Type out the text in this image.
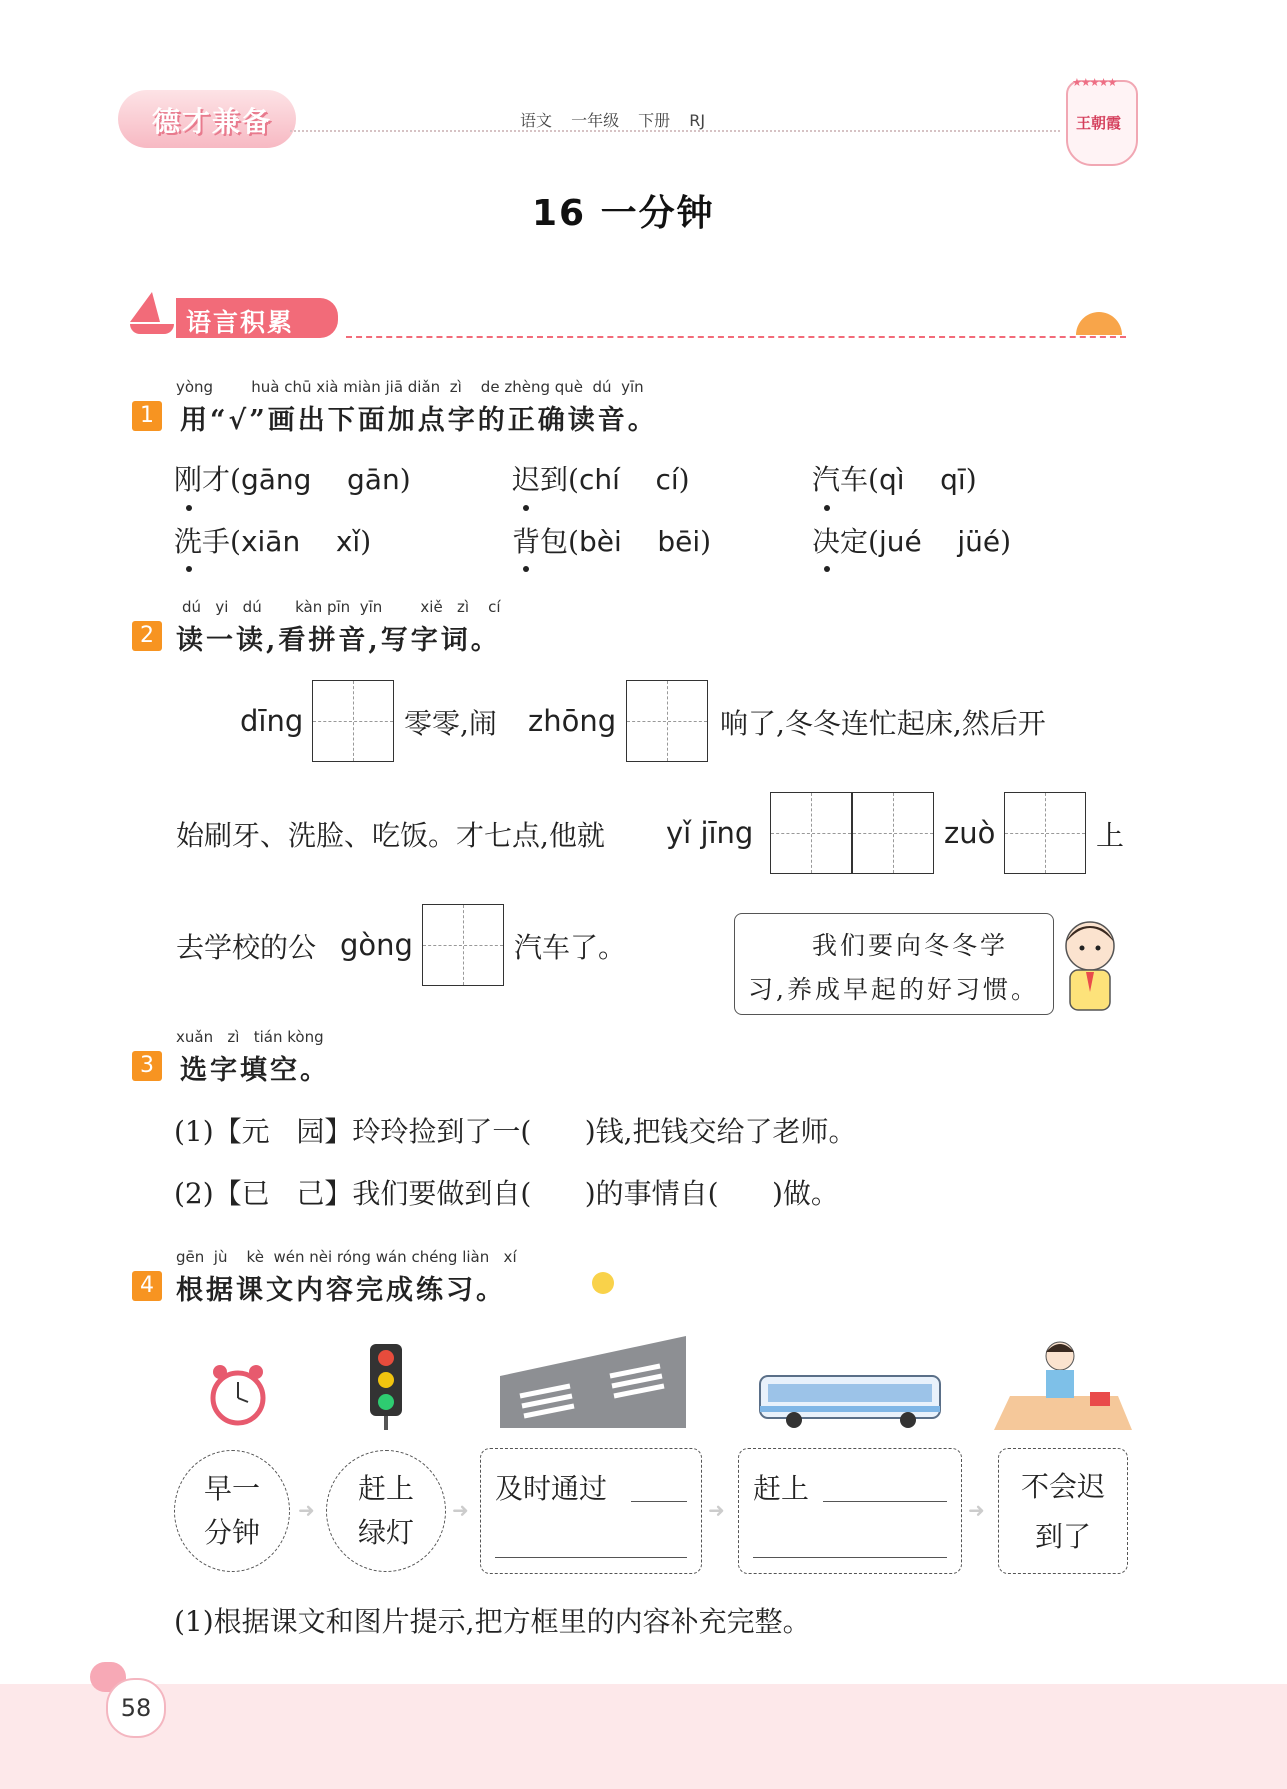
德才兼备	语文 一年级 下册 RJ
★★★★★
王朝霞
16 一分钟
语言积累
yòng        huà chū xià miàn jiā diǎn  zì    de zhèng què  dú  yīn
1 用“√”画出下面加点字的正确读音。
刚才(gāng gān)	迟到(chí cí)	汽车(qì qī)
洗手(xiān xǐ)	背包(bèi bēi)	决定(jué jüé)
dú   yi   dú       kàn pīn  yīn        xiě   zì    cí
2 读一读,看拼音,写字词。
dīng	零零,闹 zhōng	响了,冬冬连忙起床,然后开
始刷牙、洗脸、吃饭。才七点,他就 yǐ jīng	zuò	上
去学校的公 gòng	汽车了。	我们要向冬冬学习,养成早起的好习惯。
xuǎn   zì   tián kòng
3 选字填空。
(1)【元   园】玲玲捡到了一(      )钱,把钱交给了老师。
(2)【已   己】我们要做到自(      )的事情自(      )做。
gēn  jù    kè  wén nèi róng wán chéng liàn   xí
4 根据课文内容完成练习。
早一
分钟
➜
赶上
绿灯
➜
及时通过
➜
赶上
➜
不会迟
到了
(1)根据课文和图片提示,把方框里的内容补充完整。
58
